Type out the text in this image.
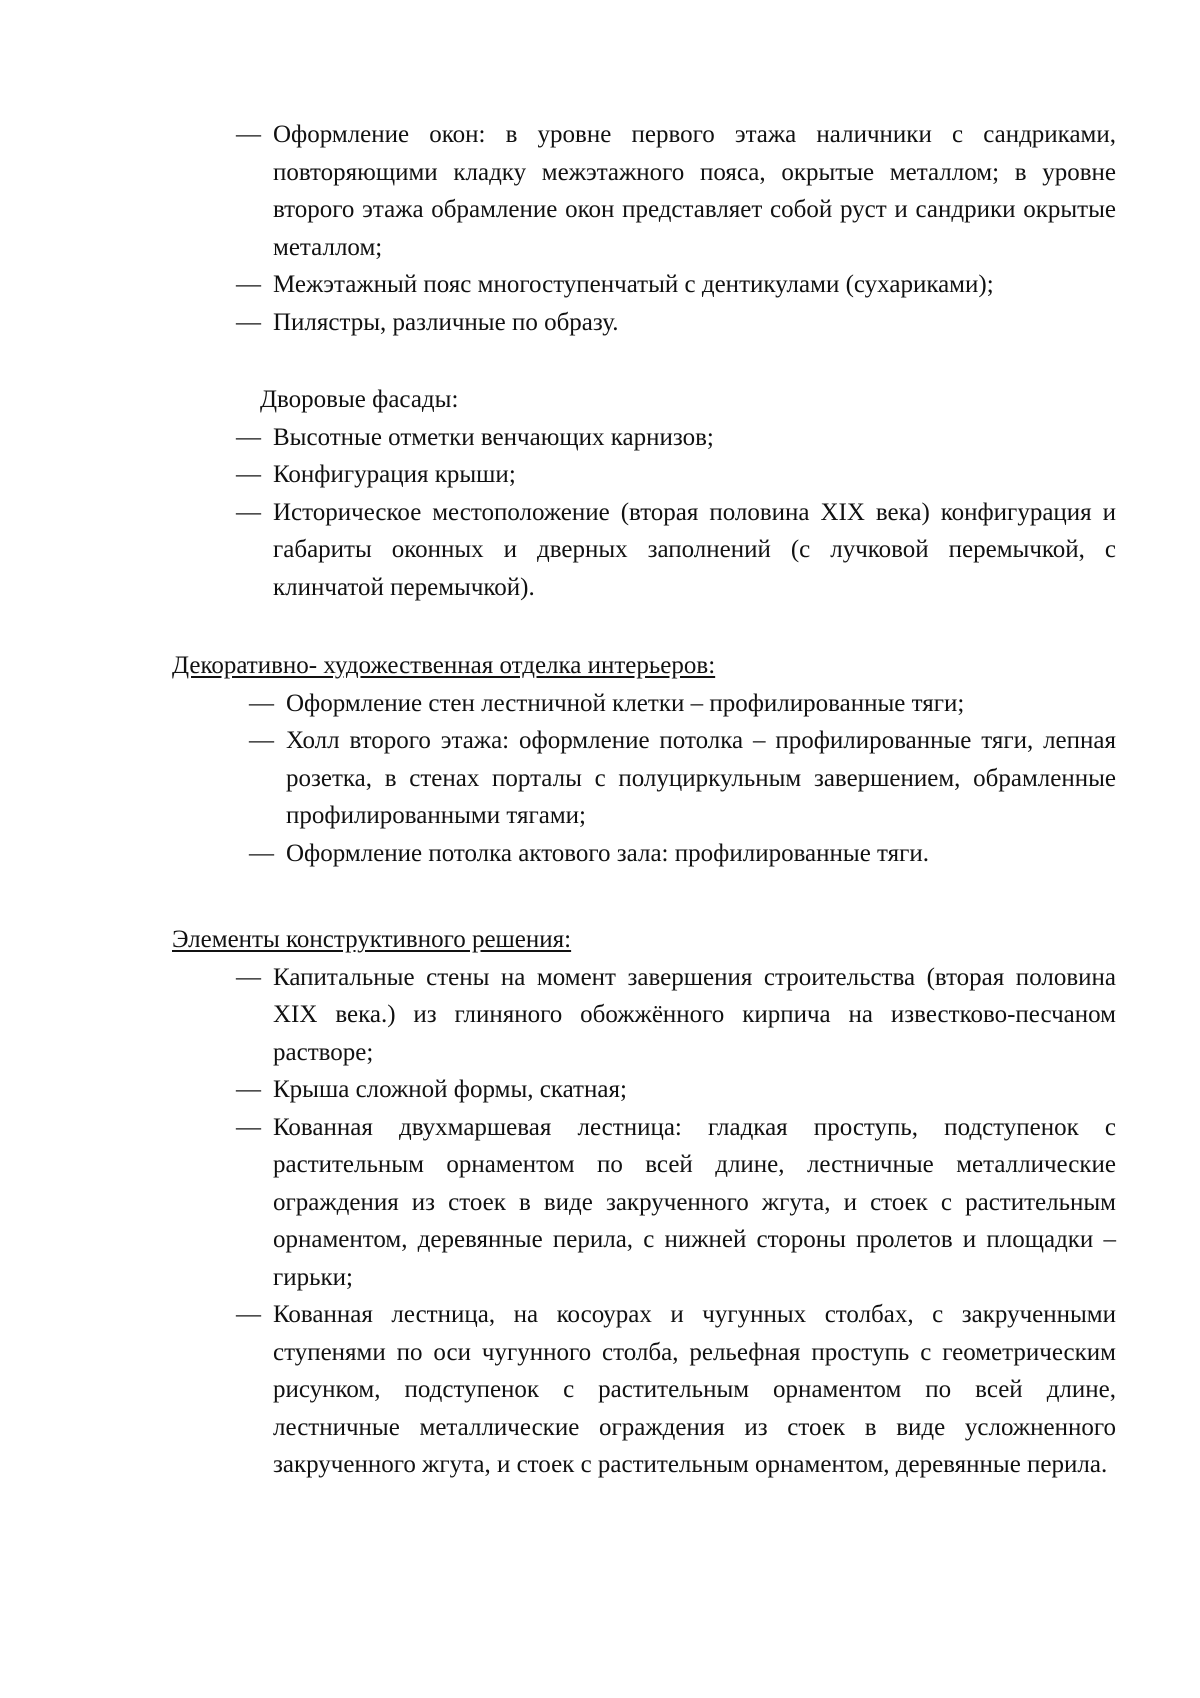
— Оформление окон: в уровне первого этажа наличники с сандриками, повторяющими кладку межэтажного пояса, окрытые металлом; в уровне второго этажа обрамление окон представляет собой руст и сандрики окрытые металлом;

— Межэтажный пояс многоступенчатый с дентикулами (сухариками);

— Пилястры, различные по образу.

Дворовые фасады:

— Высотные отметки венчающих карнизов;

— Конфигурация крыши;

— Историческое местоположение (вторая половина XIX века) конфигурация и габариты оконных и дверных заполнений (с лучковой перемычкой, с клинчатой перемычкой).

Декоративно- художественная отделка интерьеров:

— Оформление стен лестничной клетки – профилированные тяги;

— Холл второго этажа: оформление потолка – профилированные тяги, лепная розетка, в стенах порталы с полуциркульным завершением, обрамленные профилированными тягами;

— Оформление потолка актового зала: профилированные тяги.

Элементы конструктивного решения:

— Капитальные стены на момент завершения строительства (вторая половина XIX века.) из глиняного обожжённого кирпича на известково-песчаном растворе;

— Крыша сложной формы, скатная;

— Кованная двухмаршевая лестница: гладкая проступь, подступенок с растительным орнаментом по всей длине, лестничные металлические ограждения из стоек в виде закрученного жгута, и стоек с растительным орнаментом, деревянные перила, с нижней стороны пролетов и площадки – гирьки;

— Кованная лестница, на косоурах и чугунных столбах, с закрученными ступенями по оси чугунного столба, рельефная проступь с геометрическим рисунком, подступенок с растительным орнаментом по всей длине, лестничные металлические ограждения из стоек в виде усложненного закрученного жгута, и стоек с растительным орнаментом, деревянные перила.
